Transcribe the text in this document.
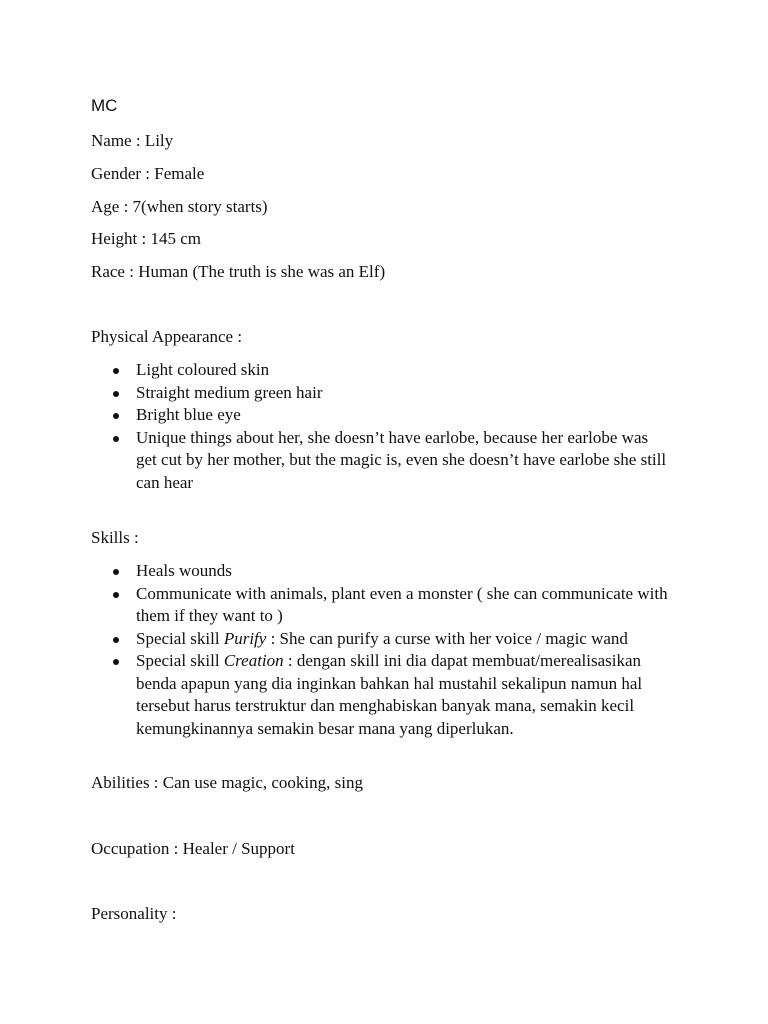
MC

Name : Lily

Gender : Female

Age : 7(when story starts)

Height : 145 cm

Race : Human (The truth is she was an Elf)

Physical Appearance :

Light coloured skin
Straight medium green hair
Bright blue eye
Unique things about her, she doesn’t have earlobe, because her earlobe was get cut by her mother, but the magic is, even she doesn’t have earlobe she still can hear

Skills :

Heals wounds
Communicate with animals, plant even a monster ( she can communicate with them if they want to )
Special skill Purify : She can purify a curse with her voice / magic wand
Special skill Creation : dengan skill ini dia dapat membuat/merealisasikan benda apapun yang dia inginkan bahkan hal mustahil sekalipun namun hal tersebut harus terstruktur dan menghabiskan banyak mana, semakin kecil kemungkinannya semakin besar mana yang diperlukan.

Abilities : Can use magic, cooking, sing

Occupation : Healer / Support

Personality :
